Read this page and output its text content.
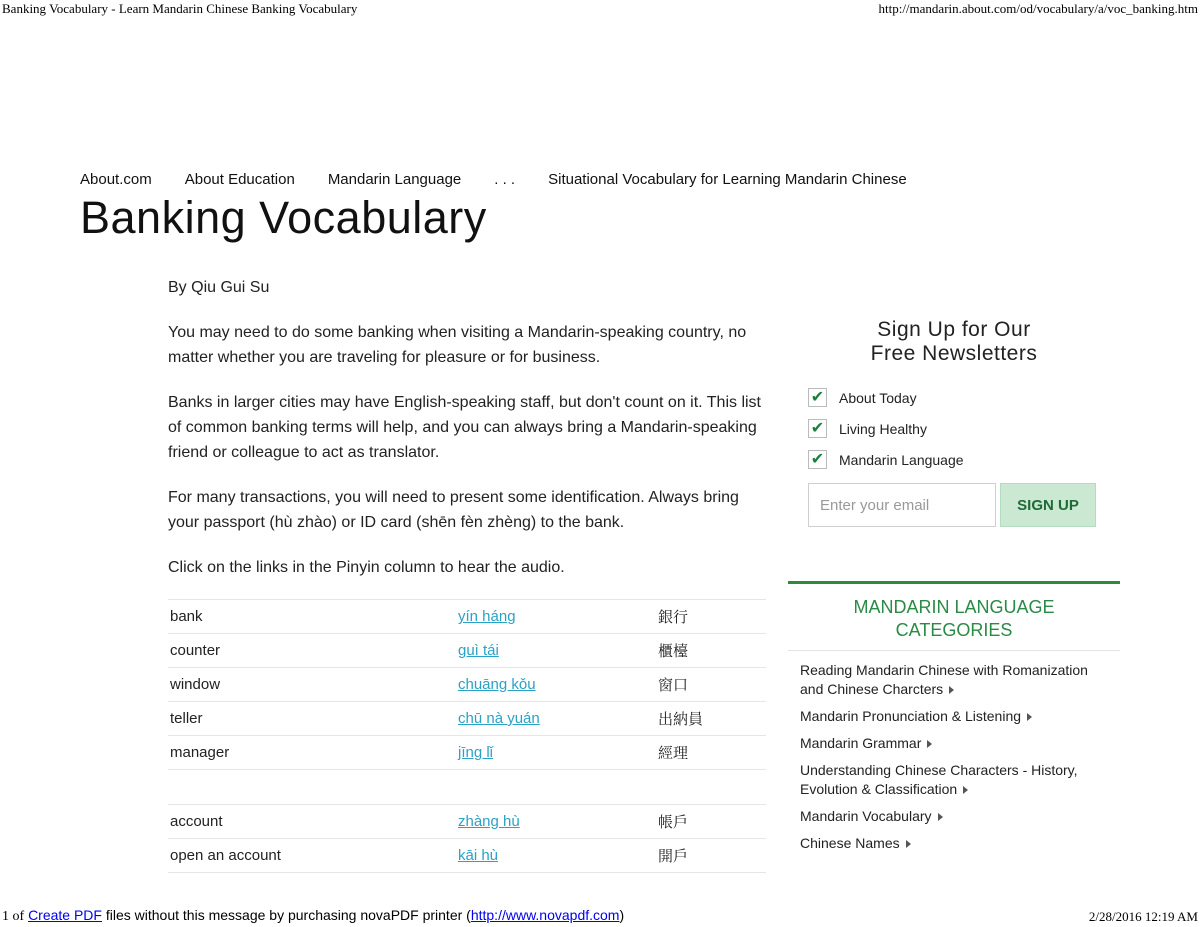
Banking Vocabulary - Learn Mandarin Chinese Banking Vocabulary	http://mandarin.about.com/od/vocabulary/a/voc_banking.htm
About.com About Education Mandarin Language . . . Situational Vocabulary for Learning Mandarin Chinese
Banking Vocabulary
By Qiu Gui Su

You may need to do some banking when visiting a Mandarin-speaking country, no matter whether you are traveling for pleasure or for business.

Banks in larger cities may have English-speaking staff, but don't count on it. This list of common banking terms will help, and you can always bring a Mandarin-speaking friend or colleague to act as translator.

For many transactions, you will need to present some identification. Always bring your passport (hù zhào) or ID card (shēn fèn zhèng) to the bank.

Click on the links in the Pinyin column to hear the audio.

bank	yín háng	銀行
counter	guì tái	櫃檯
window	chuāng kǒu	窗口
teller	chū nà yuán	出納員
manager	jīng lǐ	經理

account	zhàng hù	帳戶
open an account	kāi hù	開戶
Sign Up for Our
Free Newsletters
✔ About Today
✔ Living Healthy
✔ Mandarin Language
Enter your email
SIGN UP
MANDARIN LANGUAGE
CATEGORIES
Reading Mandarin Chinese with Romanization and Chinese Charcters
Mandarin Pronunciation & Listening
Mandarin Grammar
Understanding Chinese Characters - History, Evolution & Classification
Mandarin Vocabulary
Chinese Names
1 of Create PDF files without this message by purchasing novaPDF printer (http://www.novapdf.com)	2/28/2016 12:19 AM
